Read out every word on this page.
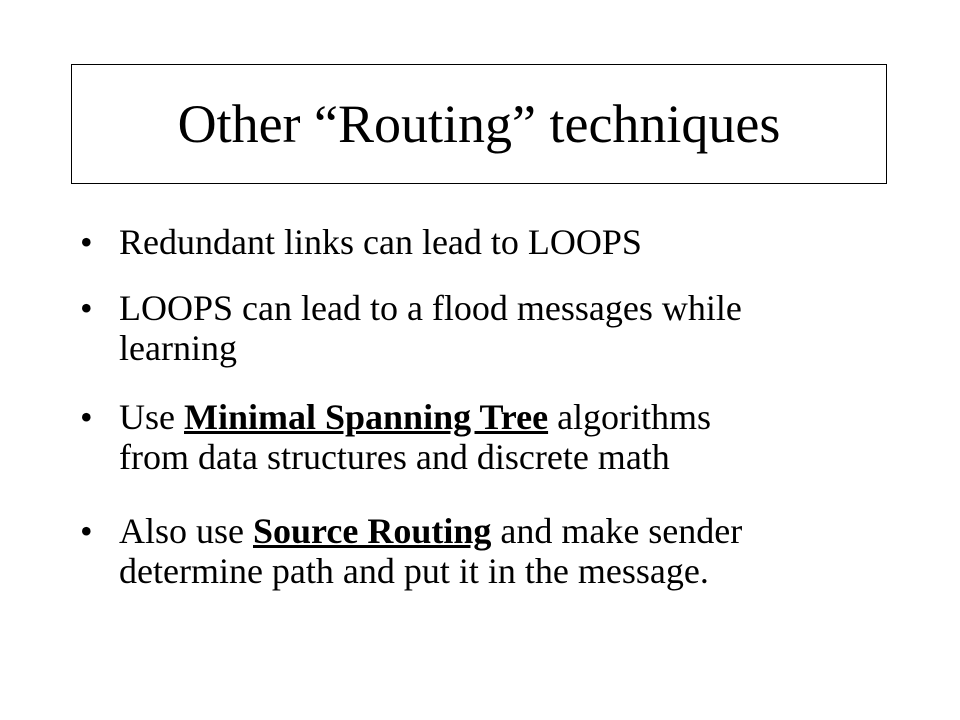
Other “Routing” techniques
• Redundant links can lead to LOOPS
• LOOPS can lead to a flood messages while
learning
• Use Minimal Spanning Tree algorithms
from data structures and discrete math
• Also use Source Routing and make sender
determine path and put it in the message.
